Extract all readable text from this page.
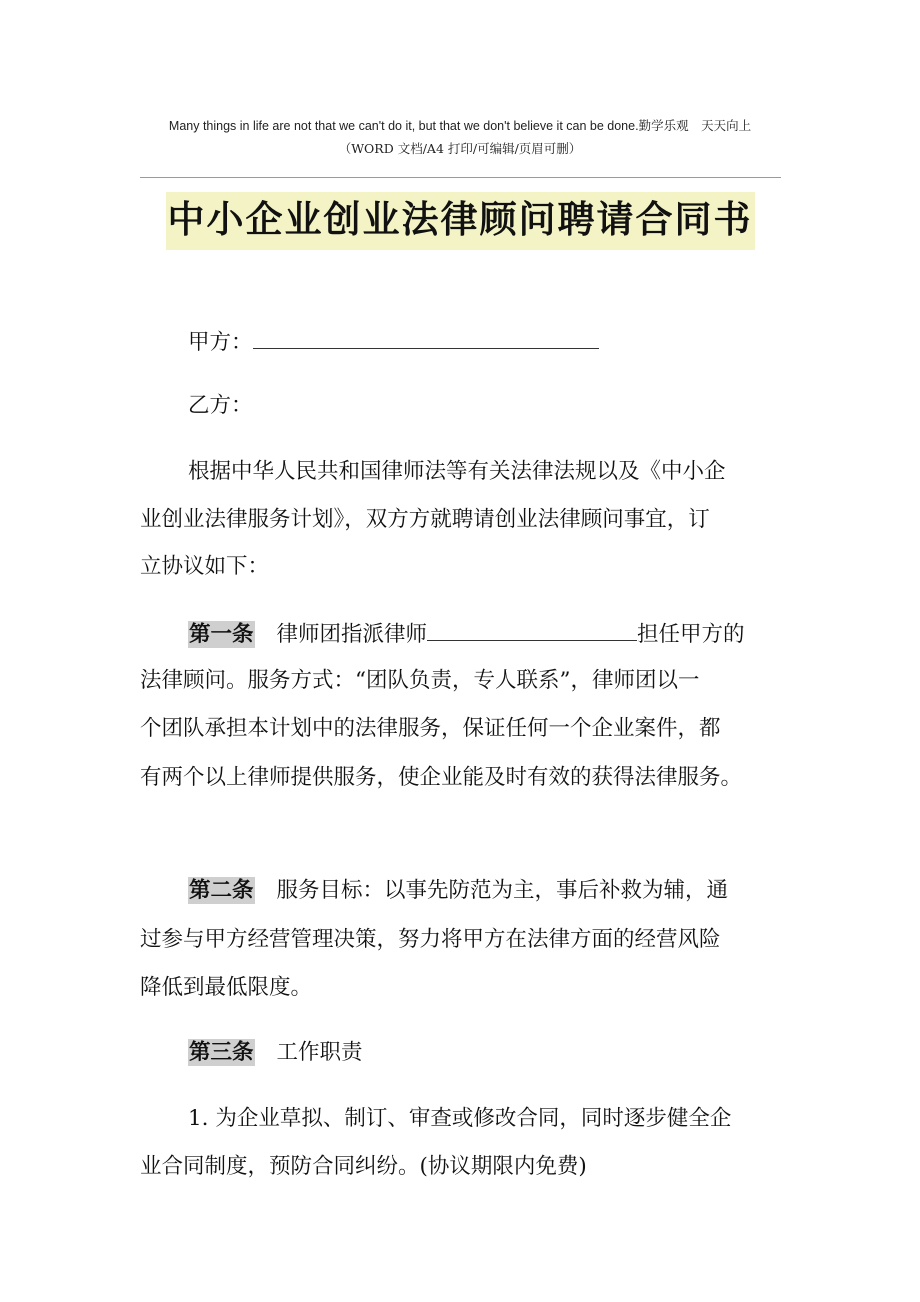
Many things in life are not that we can't do it, but that we don't believe it can be done.勤学乐观　天天向上
（WORD 文档/A4 打印/可编辑/页眉可删）
中小企业创业法律顾问聘请合同书
甲方：
乙方：
根据中华人民共和国律师法等有关法律法规以及《中小企
业创业法律服务计划》，双方方就聘请创业法律顾问事宜，订
立协议如下：
第一条 律师团指派律师	担任甲方的
法律顾问。服务方式：“团队负责，专人联系”，律师团以一
个团队承担本计划中的法律服务，保证任何一个企业案件，都
有两个以上律师提供服务，使企业能及时有效的获得法律服务。
第二条 服务目标：以事先防范为主，事后补救为辅，通
过参与甲方经营管理决策，努力将甲方在法律方面的经营风险
降低到最低限度。
第三条 工作职责
1. 为企业草拟、制订、审查或修改合同，同时逐步健全企
业合同制度，预防合同纠纷。(协议期限内免费)
